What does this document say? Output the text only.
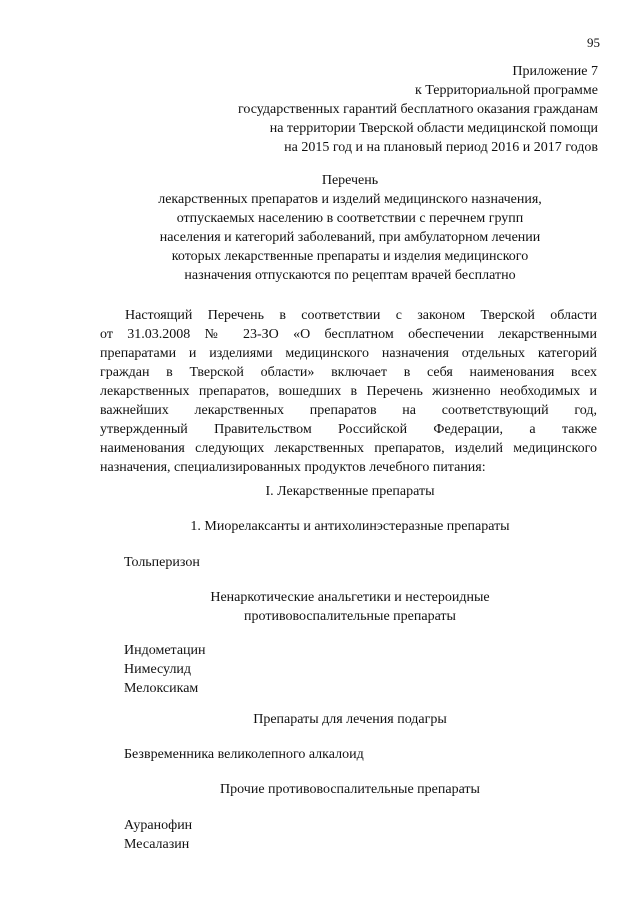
95
Приложение 7
к Территориальной программе
государственных гарантий бесплатного оказания гражданам
на территории Тверской области медицинской помощи
на 2015 год и на плановый период 2016 и 2017 годов
Перечень
лекарственных препаратов и изделий медицинского назначения,
отпускаемых населению в соответствии с перечнем групп
населения и категорий заболеваний, при амбулаторном лечении
которых лекарственные препараты и изделия медицинского
назначения отпускаются по рецептам врачей бесплатно
Настоящий Перечень в соответствии с законом Тверской области
от 31.03.2008 № 23-ЗО «О бесплатном обеспечении лекарственными
препаратами и изделиями медицинского назначения отдельных категорий
граждан в Тверской области» включает в себя наименования всех
лекарственных препаратов, вошедших в Перечень жизненно необходимых и
важнейших лекарственных препаратов на соответствующий год,
утвержденный Правительством Российской Федерации, а также
наименования следующих лекарственных препаратов, изделий медицинского
назначения, специализированных продуктов лечебного питания:
I. Лекарственные препараты
1. Миорелаксанты и антихолинэстеразные препараты
Тольперизон
Ненаркотические анальгетики и нестероидные
противовоспалительные препараты
Индометацин
Нимесулид
Мелоксикам
Препараты для лечения подагры
Безвременника великолепного алкалоид
Прочие противовоспалительные препараты
Ауранофин
Месалазин
